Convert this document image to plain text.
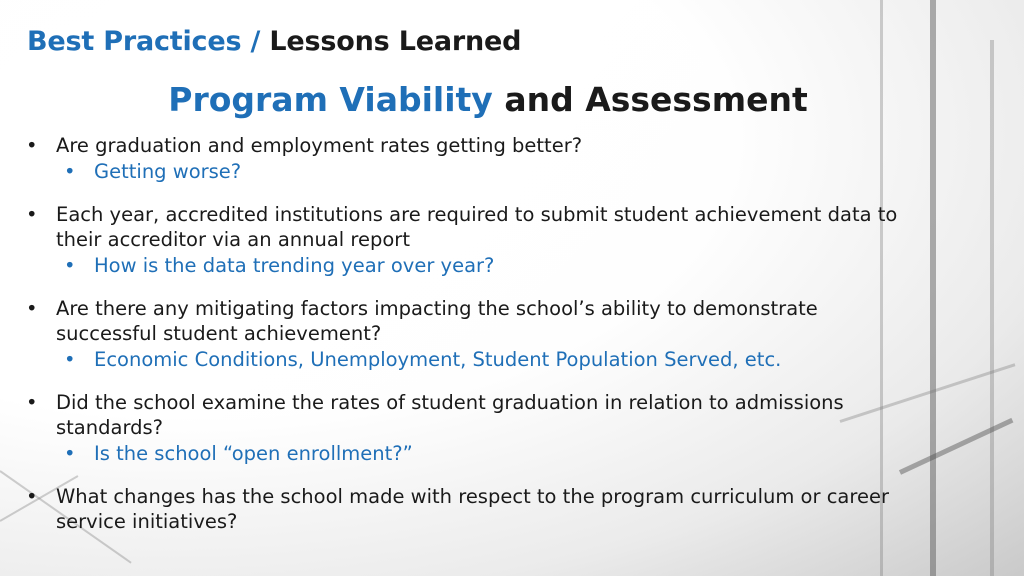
Best Practices / Lessons Learned
Program Viability and Assessment
• Are graduation and employment rates getting better?
• Getting worse?
• Each year, accredited institutions are required to submit student achievement data to their accreditor via an annual report
• How is the data trending year over year?
• Are there any mitigating factors impacting the school’s ability to demonstrate successful student achievement?
• Economic Conditions, Unemployment, Student Population Served, etc.
• Did the school examine the rates of student graduation in relation to admissions standards?
• Is the school “open enrollment?”
• What changes has the school made with respect to the program curriculum or career service initiatives?
